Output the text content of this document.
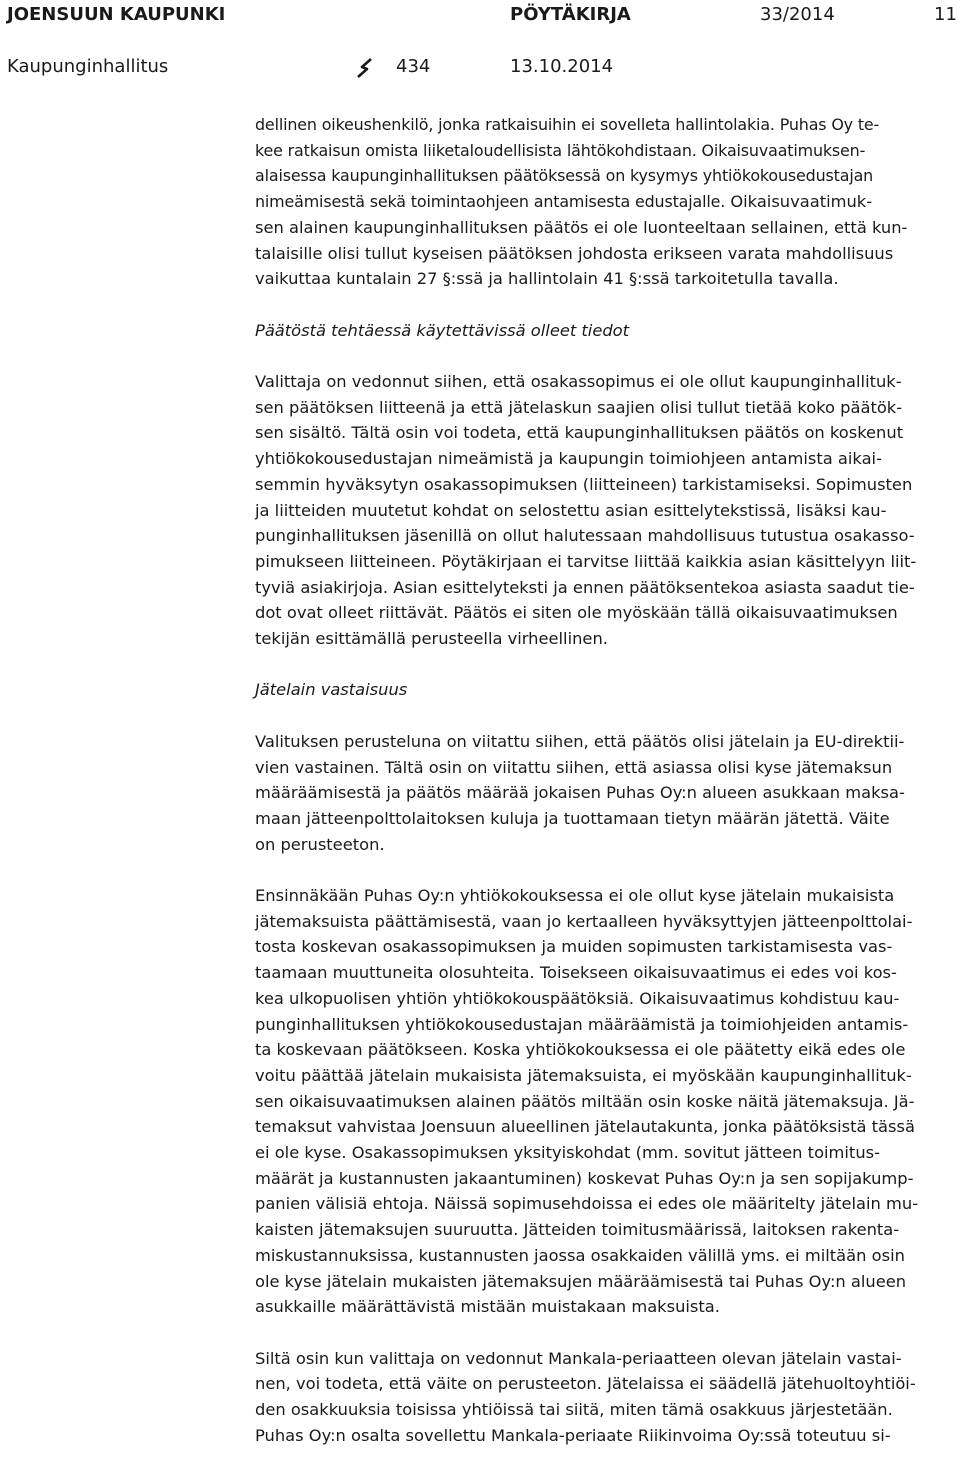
JOENSUUN KAUPUNKI	PÖYTÄKIRJA	33/2014	11
Kaupunginhallitus	434	13.10.2014
dellinen oikeushenkilö, jonka ratkaisuihin ei sovelleta hallintolakia. Puhas Oy te-
kee ratkaisun omista liiketaloudellisista lähtökohdistaan. Oikaisuvaatimuksen-
alaisessa kaupunginhallituksen päätöksessä on kysymys yhtiökokousedustajan
nimeämisestä sekä toimintaohjeen antamisesta edustajalle. Oikaisuvaatimuk-
sen alainen kaupunginhallituksen päätös ei ole luonteeltaan sellainen, että kun-
talaisille olisi tullut kyseisen päätöksen johdosta erikseen varata mahdollisuus
vaikuttaa kuntalain 27 §:ssä ja hallintolain 41 §:ssä tarkoitetulla tavalla.
Päätöstä tehtäessä käytettävissä olleet tiedot
Valittaja on vedonnut siihen, että osakassopimus ei ole ollut kaupunginhallituk-
sen päätöksen liitteenä ja että jätelaskun saajien olisi tullut tietää koko päätök-
sen sisältö. Tältä osin voi todeta, että kaupunginhallituksen päätös on koskenut
yhtiökokousedustajan nimeämistä ja kaupungin toimiohjeen antamista aikai-
semmin hyväksytyn osakassopimuksen (liitteineen) tarkistamiseksi. Sopimusten
ja liitteiden muutetut kohdat on selostettu asian esittelytekstissä, lisäksi kau-
punginhallituksen jäsenillä on ollut halutessaan mahdollisuus tutustua osakasso-
pimukseen liitteineen. Pöytäkirjaan ei tarvitse liittää kaikkia asian käsittelyyn liit-
tyviä asiakirjoja. Asian esittelyteksti ja ennen päätöksentekoa asiasta saadut tie-
dot ovat olleet riittävät. Päätös ei siten ole myöskään tällä oikaisuvaatimuksen
tekijän esittämällä perusteella virheellinen.
Jätelain vastaisuus
Valituksen perusteluna on viitattu siihen, että päätös olisi jätelain ja EU-direktii-
vien vastainen. Tältä osin on viitattu siihen, että asiassa olisi kyse jätemaksun
määräämisestä ja päätös määrää jokaisen Puhas Oy:n alueen asukkaan maksa-
maan jätteenpolttolaitoksen kuluja ja tuottamaan tietyn määrän jätettä. Väite
on perusteeton.
Ensinnäkään Puhas Oy:n yhtiökokouksessa ei ole ollut kyse jätelain mukaisista
jätemaksuista päättämisestä, vaan jo kertaalleen hyväksyttyjen jätteenpolttolai-
tosta koskevan osakassopimuksen ja muiden sopimusten tarkistamisesta vas-
taamaan muuttuneita olosuhteita. Toisekseen oikaisuvaatimus ei edes voi kos-
kea ulkopuolisen yhtiön yhtiökokouspäätöksiä. Oikaisuvaatimus kohdistuu kau-
punginhallituksen yhtiökokousedustajan määräämistä ja toimiohjeiden antamis-
ta koskevaan päätökseen. Koska yhtiökokouksessa ei ole päätetty eikä edes ole
voitu päättää jätelain mukaisista jätemaksuista, ei myöskään kaupunginhallituk-
sen oikaisuvaatimuksen alainen päätös miltään osin koske näitä jätemaksuja. Jä-
temaksut vahvistaa Joensuun alueellinen jätelautakunta, jonka päätöksistä tässä
ei ole kyse. Osakassopimuksen yksityiskohdat (mm. sovitut jätteen toimitus-
määrät ja kustannusten jakaantuminen) koskevat Puhas Oy:n ja sen sopijakump-
panien välisiä ehtoja. Näissä sopimusehdoissa ei edes ole määritelty jätelain mu-
kaisten jätemaksujen suuruutta. Jätteiden toimitusmäärissä, laitoksen rakenta-
miskustannuksissa, kustannusten jaossa osakkaiden välillä yms. ei miltään osin
ole kyse jätelain mukaisten jätemaksujen määräämisestä tai Puhas Oy:n alueen
asukkaille määrättävistä mistään muistakaan maksuista.
Siltä osin kun valittaja on vedonnut Mankala-periaatteen olevan jätelain vastai-
nen, voi todeta, että väite on perusteeton. Jätelaissa ei säädellä jätehuoltoyhtiöi-
den osakkuuksia toisissa yhtiöissä tai siitä, miten tämä osakkuus järjestetään.
Puhas Oy:n osalta sovellettu Mankala-periaate Riikinvoima Oy:ssä toteutuu si-
